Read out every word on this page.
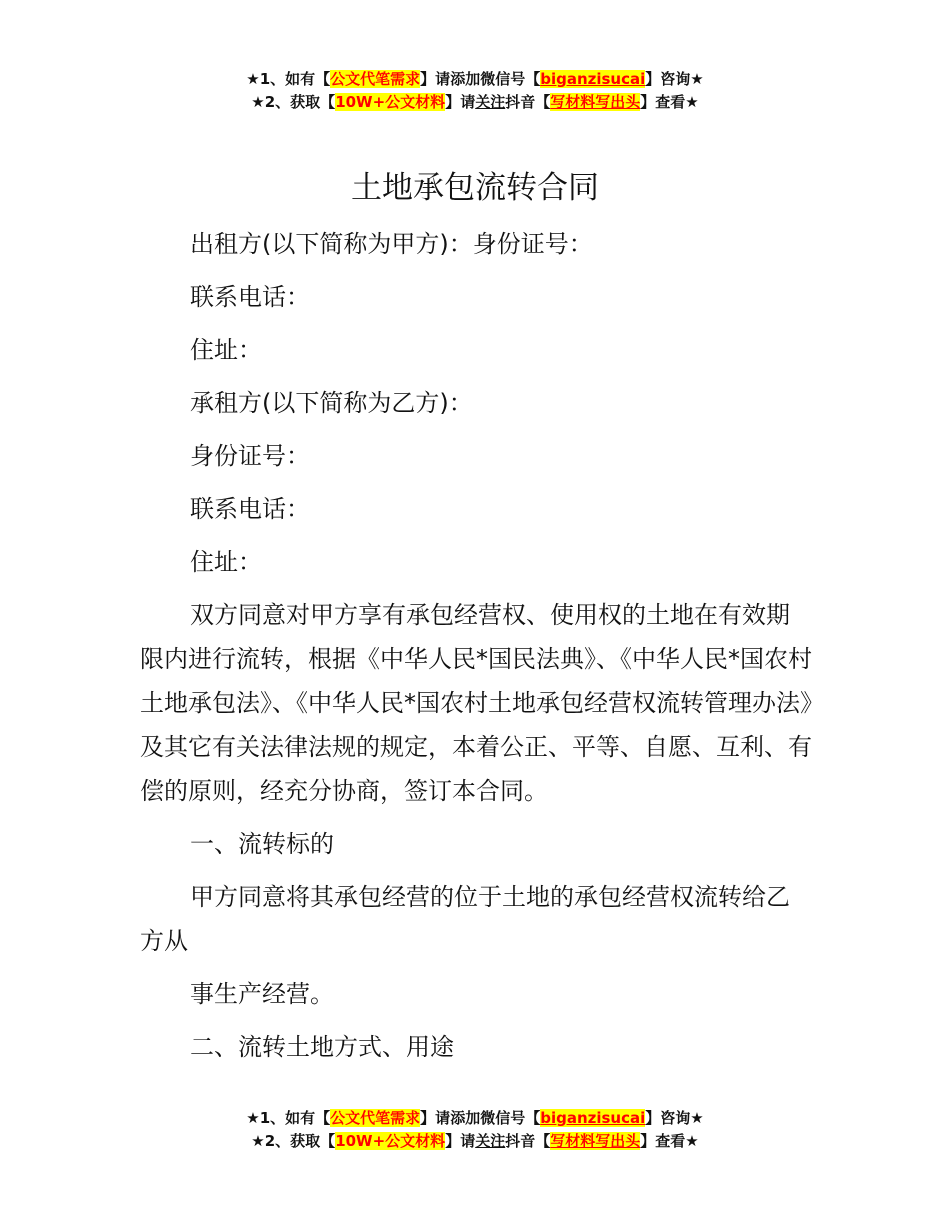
★1、如有【公文代笔需求】请添加微信号【biganzisucai】咨询★
★2、获取【10W+公文材料】请关注抖音【写材料写出头】查看★
土地承包流转合同

出租方(以下简称为甲方)：身份证号：

联系电话：

住址：

承租方(以下简称为乙方)：

身份证号：

联系电话：

住址：

双方同意对甲方享有承包经营权、使用权的土地在有效期限内进行流转，根据《中华人民*国民法典》、《中华人民*国农村土地承包法》、《中华人民*国农村土地承包经营权流转管理办法》及其它有关法律法规的规定，本着公正、平等、自愿、互利、有偿的原则，经充分协商，签订本合同。

一、流转标的

甲方同意将其承包经营的位于土地的承包经营权流转给乙方从

事生产经营。

二、流转土地方式、用途

★1、如有【公文代笔需求】请添加微信号【biganzisucai】咨询★
★2、获取【10W+公文材料】请关注抖音【写材料写出头】查看★
